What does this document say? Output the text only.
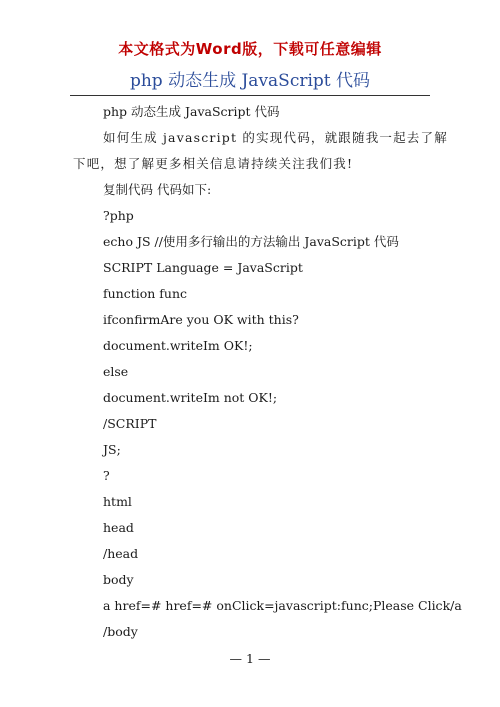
本文格式为Word版，下载可任意编辑
php 动态生成 JavaScript 代码
php 动态生成 JavaScript 代码
如何生成 javascript 的实现代码，就跟随我一起去了解
下吧，想了解更多相关信息请持续关注我们我!
复制代码 代码如下:
?php
echo JS //使用多行输出的方法输出 JavaScript 代码
SCRIPT Language = JavaScript
function func
ifconfirmAre you OK with this?
document.writeIm OK!;
else
document.writeIm not OK!;
/SCRIPT
JS;
?
html
head
/head
body
a href=# href=# onClick=javascript:func;Please Click/a
/body
— 1 —
